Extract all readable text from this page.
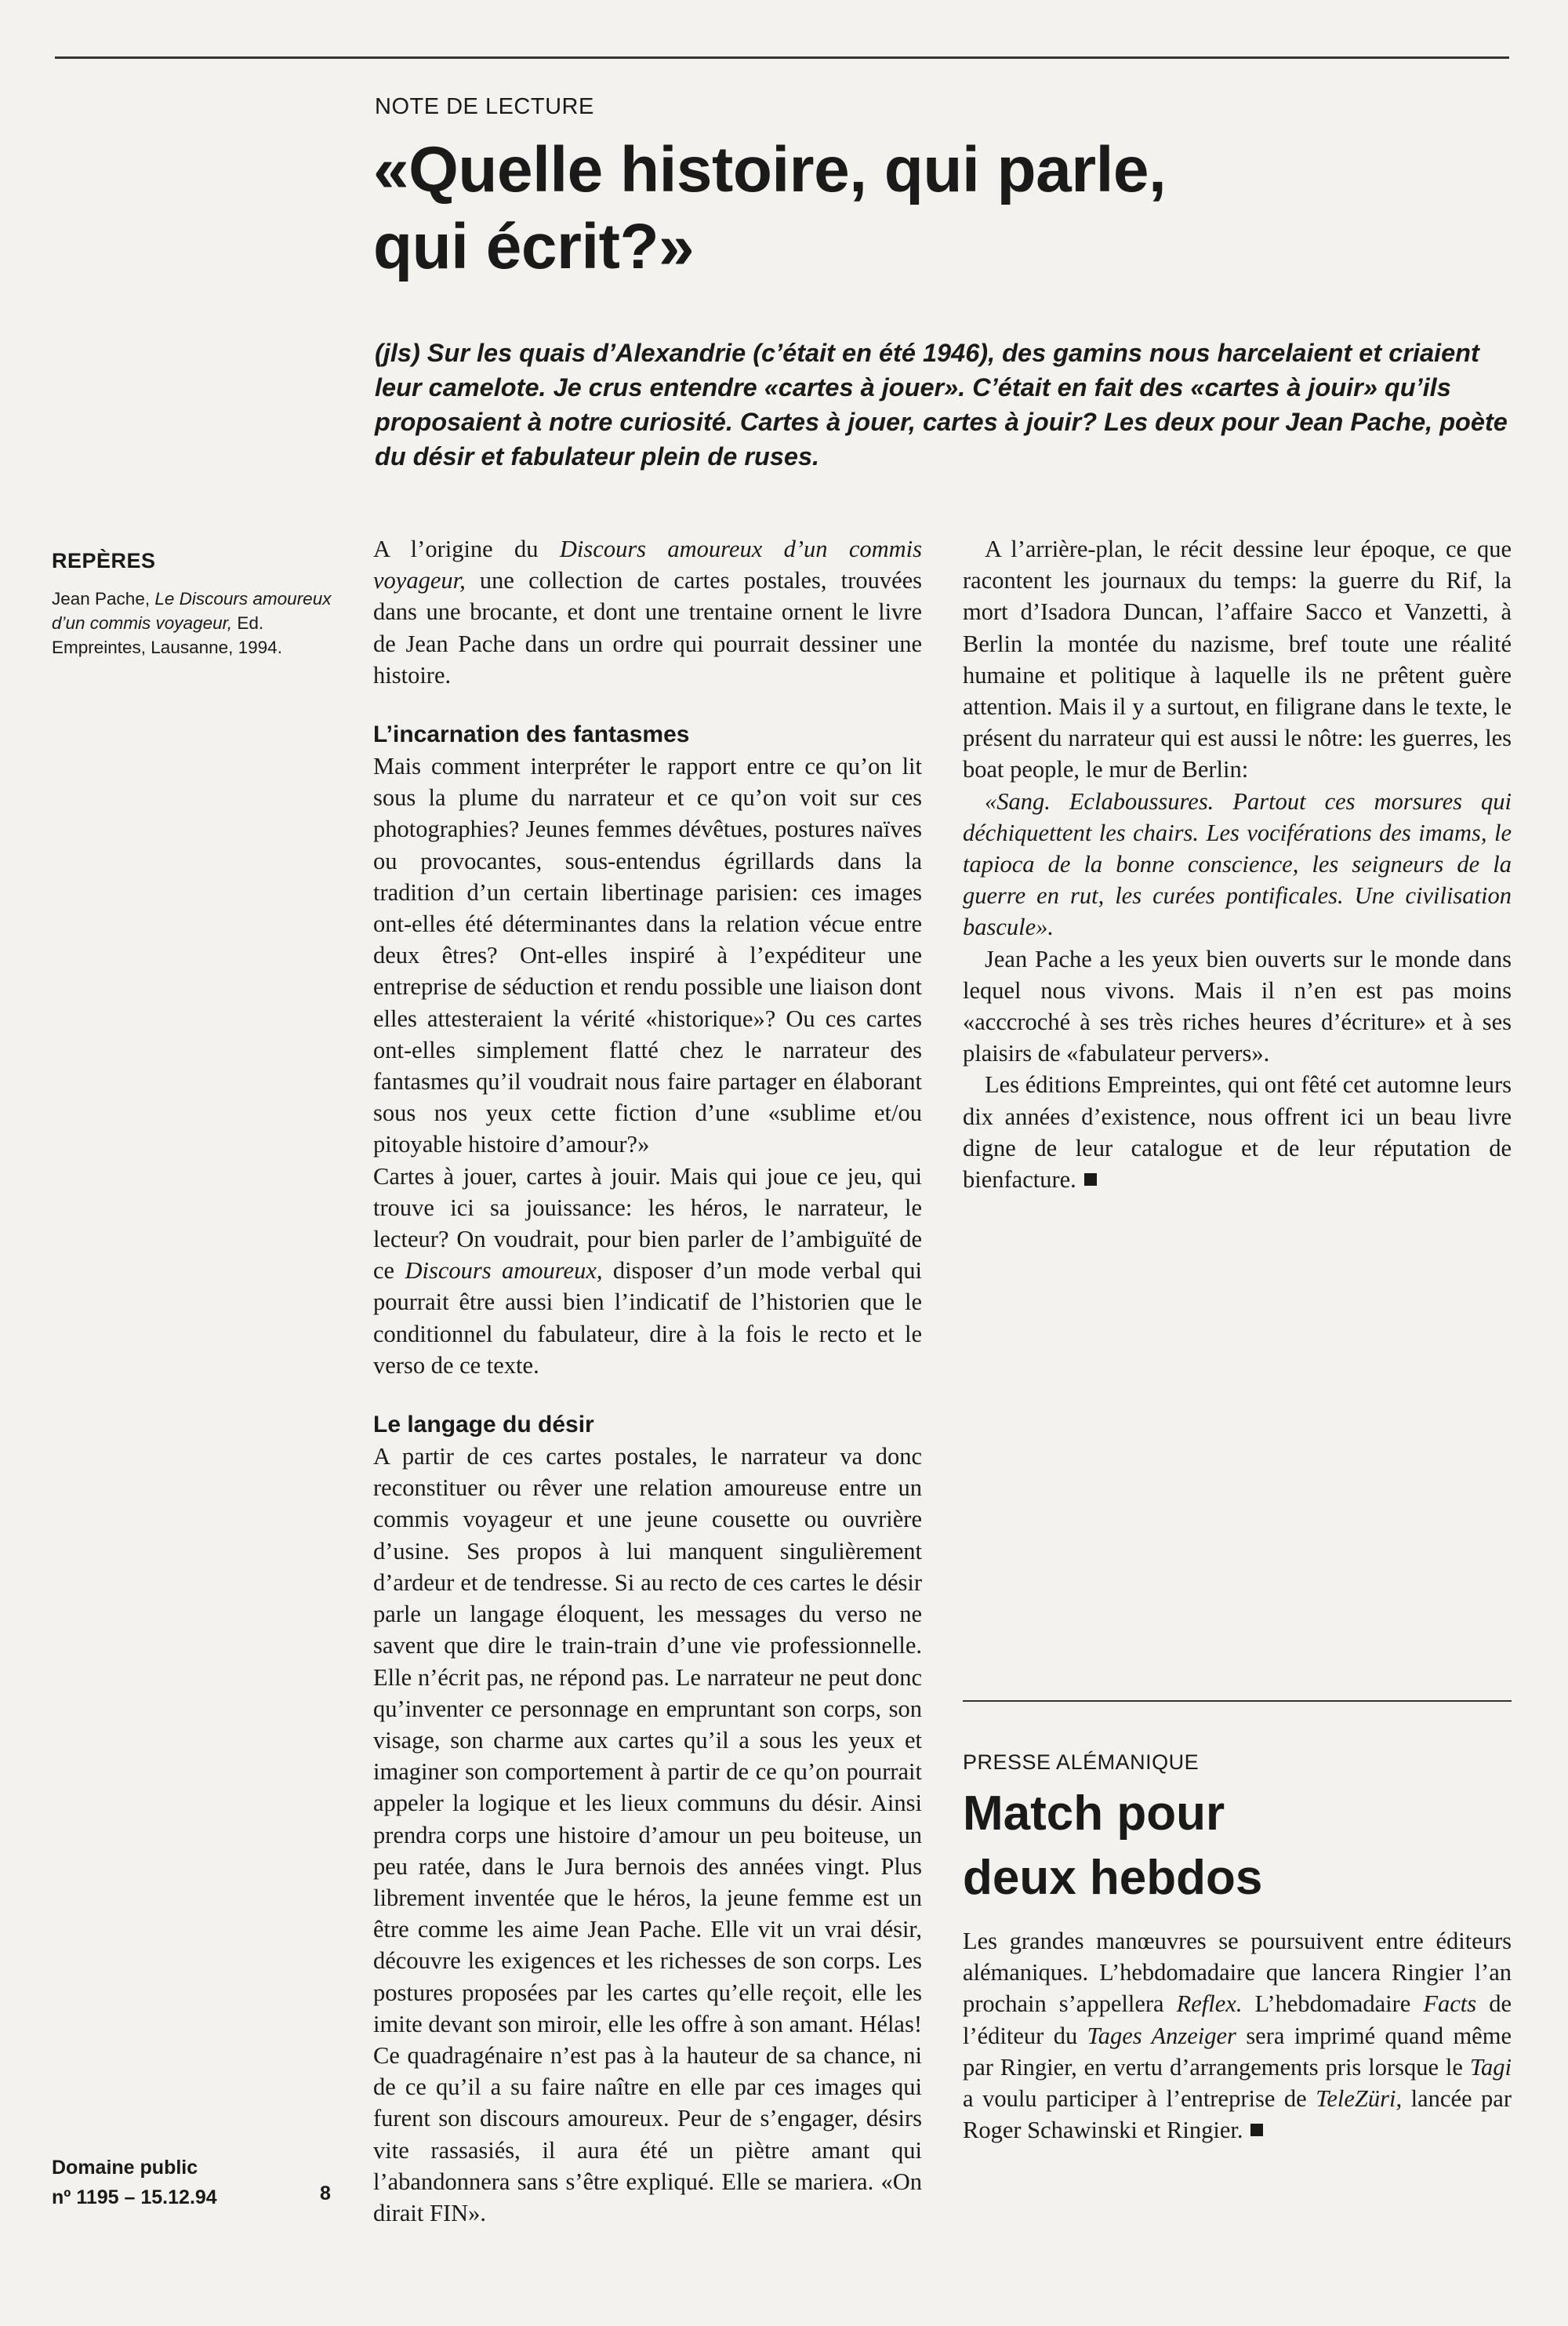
NOTE DE LECTURE
«Quelle histoire, qui parle,
qui écrit?»

(jls) Sur les quais d’Alexandrie (c’était en été 1946), des gamins nous harcelaient et criaient leur camelote. Je crus entendre «cartes à jouer». C’était en fait des «cartes à jouir» qu’ils proposaient à notre curiosité. Cartes à jouer, cartes à jouir? Les deux pour Jean Pache, poète du désir et fabulateur plein de ruses.

REPÈRES

Jean Pache, Le Discours amoureux d’un commis voyageur, Ed. Empreintes, Lausanne, 1994.

A l’origine du Discours amoureux d’un commis voyageur, une collection de cartes postales, trouvées dans une brocante, et dont une trentaine ornent le livre de Jean Pache dans un ordre qui pourrait dessiner une histoire.

L’incarnation des fantasmes

Mais comment interpréter le rapport entre ce qu’on lit sous la plume du narrateur et ce qu’on voit sur ces photographies? Jeunes femmes dévêtues, postures naïves ou provocantes, sous-entendus égrillards dans la tradition d’un certain libertinage parisien: ces images ont-elles été déterminantes dans la relation vécue entre deux êtres? Ont-elles inspiré à l’expéditeur une entreprise de séduction et rendu possible une liaison dont elles attesteraient la vérité «historique»? Ou ces cartes ont-elles simplement flatté chez le narrateur des fantasmes qu’il voudrait nous faire partager en élaborant sous nos yeux cette fiction d’une «sublime et/ou pitoyable histoire d’amour?»

Cartes à jouer, cartes à jouir. Mais qui joue ce jeu, qui trouve ici sa jouissance: les héros, le narrateur, le lecteur? On voudrait, pour bien parler de l’ambiguïté de ce Discours amoureux, disposer d’un mode verbal qui pourrait être aussi bien l’indicatif de l’historien que le conditionnel du fabulateur, dire à la fois le recto et le verso de ce texte.

Le langage du désir

A partir de ces cartes postales, le narrateur va donc reconstituer ou rêver une relation amoureuse entre un commis voyageur et une jeune cousette ou ouvrière d’usine. Ses propos à lui manquent singulièrement d’ardeur et de tendresse. Si au recto de ces cartes le désir parle un langage éloquent, les messages du verso ne savent que dire le train-train d’une vie professionnelle. Elle n’écrit pas, ne répond pas. Le narrateur ne peut donc qu’inventer ce personnage en empruntant son corps, son visage, son charme aux cartes qu’il a sous les yeux et imaginer son comportement à partir de ce qu’on pourrait appeler la logique et les lieux communs du désir. Ainsi prendra corps une histoire d’amour un peu boiteuse, un peu ratée, dans le Jura bernois des années vingt. Plus librement inventée que le héros, la jeune femme est un être comme les aime Jean Pache. Elle vit un vrai désir, découvre les exigences et les richesses de son corps. Les postures proposées par les cartes qu’elle reçoit, elle les imite devant son miroir, elle les offre à son amant. Hélas! Ce quadragénaire n’est pas à la hauteur de sa chance, ni de ce qu’il a su faire naître en elle par ces images qui furent son discours amoureux. Peur de s’engager, désirs vite rassasiés, il aura été un piètre amant qui l’abandonnera sans s’être expliqué. Elle se mariera. «On dirait FIN».

A l’arrière-plan, le récit dessine leur époque, ce que racontent les journaux du temps: la guerre du Rif, la mort d’Isadora Duncan, l’affaire Sacco et Vanzetti, à Berlin la montée du nazisme, bref toute une réalité humaine et politique à laquelle ils ne prêtent guère attention. Mais il y a surtout, en filigrane dans le texte, le présent du narrateur qui est aussi le nôtre: les guerres, les boat people, le mur de Berlin:

«Sang. Eclaboussures. Partout ces morsures qui déchiquettent les chairs. Les vociférations des imams, le tapioca de la bonne conscience, les seigneurs de la guerre en rut, les curées pontificales. Une civilisation bascule».

Jean Pache a les yeux bien ouverts sur le monde dans lequel nous vivons. Mais il n’en est pas moins «acccroché à ses très riches heures d’écriture» et à ses plaisirs de «fabulateur pervers».

Les éditions Empreintes, qui ont fêté cet automne leurs dix années d’existence, nous offrent ici un beau livre digne de leur catalogue et de leur réputation de bienfacture.

PRESSE ALÉMANIQUE
Match pour
deux hebdos

Les grandes manœuvres se poursuivent entre éditeurs alémaniques. L’hebdomadaire que lancera Ringier l’an prochain s’appellera Reflex. L’hebdomadaire Facts de l’éditeur du Tages Anzeiger sera imprimé quand même par Ringier, en vertu d’arrangements pris lorsque le Tagi a voulu participer à l’entreprise de TeleZüri, lancée par Roger Schawinski et Ringier.

Domaine public
nº 1195 – 15.12.94	8
